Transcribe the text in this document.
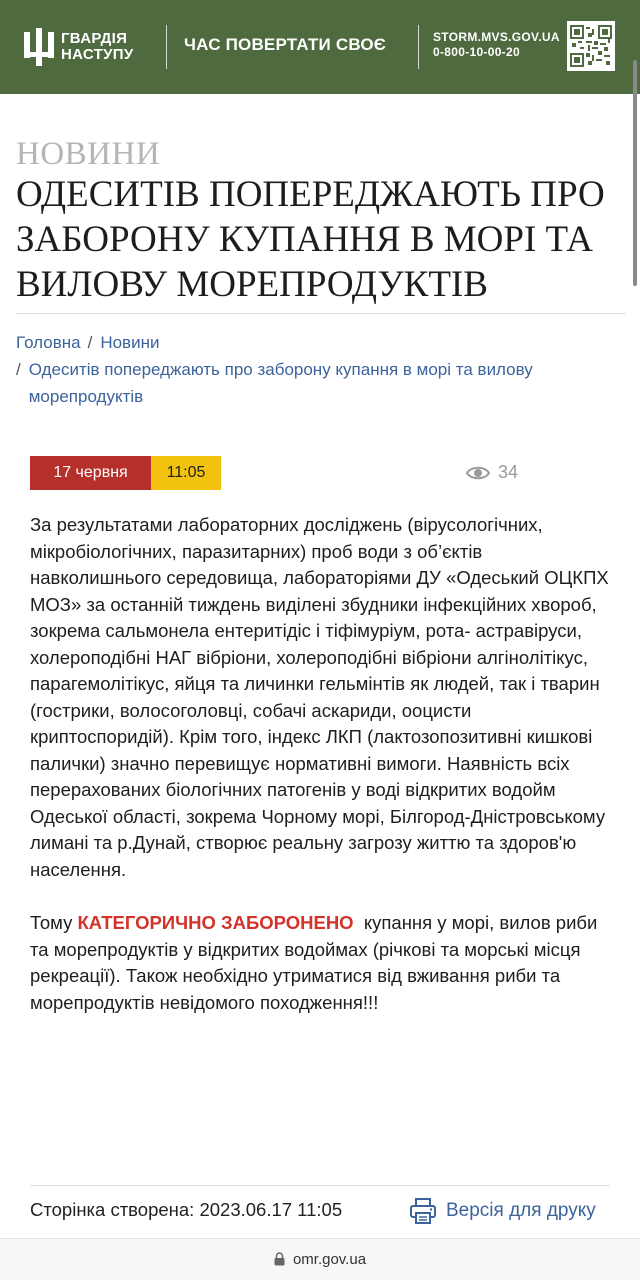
ГВАРДІЯ
НАСТУПУ
ЧАС ПОВЕРТАТИ СВОЄ	STORM.MVS.GOV.UA
0-800-10-00-20
НОВИНИ
ОДЕСИТІВ ПОПЕРЕДЖАЮТЬ ПРО ЗАБОРОНУ КУПАННЯ В МОРІ ТА ВИЛОВУ МОРЕПРОДУКТІВ
Головна / Новини
/ Одеситів попереджають про заборону купання в морі та вилову морепродуктів
17 червня	11:05	34

За результатами лабораторних досліджень (вірусологічних, мікробіологічних, паразитарних) проб води з об’єктів навколишнього середовища, лабораторіями ДУ «Одеський ОЦКПХ МОЗ» за останній тиждень виділені збудники інфекційних хвороб, зокрема сальмонела ентеритідіс і тіфімуріум, рота- астравіруси, холероподібні НАГ вібріони, холероподібні вібріони алгінолітікус, парагемолітікус, яйця та личинки гельмінтів як людей, так і тварин (гострики, волосоголовці, собачі аскариди, ооцисти криптоспоридій). Крім того, індекс ЛКП (лактозопозитивні кишкові палички) значно перевищує нормативні вимоги. Наявність всіх перерахованих біологічних патогенів у воді відкритих водойм Одеської області, зокрема Чорному морі, Білгород-Дністровському лимані та р.Дунай, створює реальну загрозу життю та здоров'ю населення.

Тому КАТЕГОРИЧНО ЗАБОРОНЕНО  купання у морі, вилов риби та морепродуктів у відкритих водоймах (річкові та морські місця рекреації). Також необхідно утриматися від вживання риби та морепродуктів невідомого походження!!!

Сторінка створена: 2023.06.17 11:05	Версія для друку
omr.gov.ua
